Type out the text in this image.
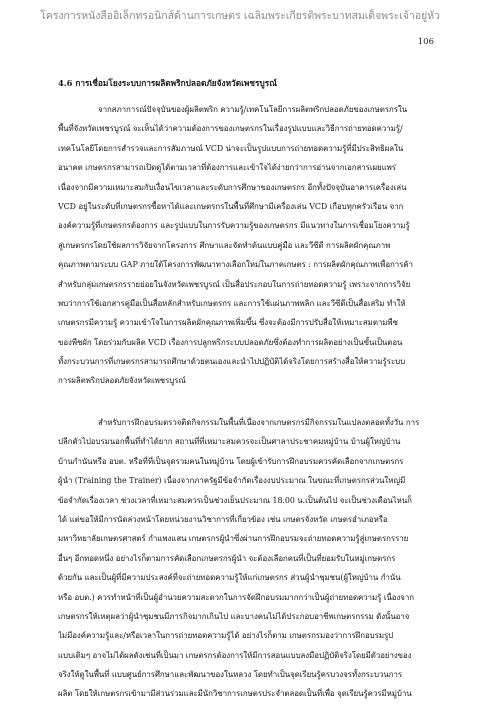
โครงการหนังสืออิเล็กทรอนิกส์ด้านการเกษตร เฉลิมพระเกียรติพระบาทสมเด็จพระเจ้าอยู่หัว
106
4.6 การเชื่อมโยงระบบการผลิตพริกปลอดภัยจังหวัดเพชรบูรณ์
จากสภาการณ์ปัจจุบันของผู้ผลิตพริก ความรู้/เทคโนโลยีการผลิตพริกปลอดภัยของเกษตรกรใน
พื้นที่จังหวัดเพชรบูรณ์ จะเห็นได้ว่าความต้องการของเกษตรกรในเรื่องรูปแบบและวิธีการถ่ายทอดความรู้/
เทคโนโลยีโดยการสำรวจและการสัมภาษณ์ VCD น่าจะเป็นรูปแบบการถ่ายทอดความรู้ที่มีประสิทธิผลใน
อนาคต เกษตรกรสามารถเปิดดูได้ตามเวลาที่ต้องการและเข้าใจได้ง่ายกว่าการอ่านจากเอกสารเผยแพร่
เนื่องจากมีความเหมาะสมกับเงื่อนไขเวลาและระดับการศึกษาของเกษตรกร อีกทั้งปัจจุบันอาคารเครื่องเล่น
VCD อยู่ในระดับที่เกษตรกรซื้อหาได้และเกษตรกรในพื้นที่ศึกษามีเครื่องเล่น VCD เกือบทุกครัวเรือน จาก
องค์ความรู้ที่เกษตรกรต้องการ และรูปแบบในการรับความรู้ของเกษตรกร มีแนวทางในการเชื่อมโยงความรู้
สู่เกษตรกรโดยใช้ผลการวิจัยจากโครงการ ศึกษาและจัดทำต้นแบบคู่มือ และวีซีดี การผลิตผักคุณภาพ
คุณภาพตามระบบ GAP ภายใต้โครงการพัฒนาทางเลือกใหม่ในภาคเกษตร : การผลิตผักคุณภาพเพื่อการค้า
สำหรับกลุ่มเกษตรกรรายย่อยในจังหวัดเพชรบูรณ์ เป็นสื่อประกอบในการถ่ายทอดความรู้ เพราะจากการวิจัย
พบว่าการใช้เอกสารคู่มือเป็นสื่อหลักสำหรับเกษตรกร และการใช้แผ่นภาพพลิก และวีซีดีเป็นสื่อเสริม ทำให้
เกษตรกรมีความรู้ ความเข้าใจในการผลิตผักคุณภาพเพิ่มขึ้น ซึ่งจะต้องมีการปรับสื่อให้เหมาะสมตามพืช
ของพืชผัก โดยร่วมกับผลิต VCD เรื่องการปลูกพริกระบบปลอดภัยซึ่งต้องทำการผลิตอย่างเป็นขั้นเป็นตอน
ทั้งกระบวนการที่เกษตรกรสามารถศึกษาด้วยตนเองและนำไปปฏิบัติได้จริงโดยการสร้างสื่อให้ความรู้ระบบ
การผลิตพริกปลอดภัยจังหวัดเพชรบูรณ์
สำหรับการฝึกอบรมตรวจติดกิจกรรมในพื้นที่เนื่องจากเกษตรกรมีกิจกรรมในแปลงตลอดทั้งวัน การ
ปลีกตัวไปอบรมนอกพื้นที่ทำได้ยาก สถานที่ที่เหมาะสมควรจะเป็นศาลาประชาคมหมู่บ้าน บ้านผู้ใหญ่บ้าน
บ้านกำนันหรือ อบต. หรือที่ที่เป็นจุดรวมคนในหมู่บ้าน โดยผู้เข้ารับการฝึกอบรมควรคัดเลือกจากเกษตรกร
ผู้นำ (Training the Trainer) เนื่องจากภาครัฐมีข้อจำกัดเรื่องงบประมาณ ในขณะที่เกษตรกรส่วนใหญ่มี
ข้อจำกัดเรื่องเวลา ช่วงเวลาที่เหมาะสมควรเป็นช่วงเย็นประมาณ 18.00 น.เป็นต้นไป จะเป็นช่วงเดือนไหนก็
ได้ แต่ขอให้มีการนัดล่วงหน้าโดยหน่วยงานวิชาการที่เกี่ยวข้อง เช่น เกษตรจังหวัด เกษตรอำเภอหรือ
มหาวิทยาลัยเกษตรศาสตร์ กำแพงแสน เกษตรกรผู้นำซึ่งผ่านการฝึกอบรมจะถ่ายทอดความรู้สู่เกษตรกรราย
อื่นๆ อีกทอดหนึ่ง อย่างไรก็ตามการคัดเลือกเกษตรกรผู้นำ จะต้องเลือกคนที่เป็นที่ยอมรับในหมู่เกษตรกร
ด้วยกัน และเป็นผู้ที่มีความประสงค์ที่จะถ่ายทอดความรู้ให้แก่เกษตรกร ส่วนผู้นำชุมชน(ผู้ใหญ่บ้าน กำนัน
หรือ อบต.) ควรทำหน้าที่เป็นผู้อำนวยความสะดวกในการจัดฝึกอบรมมากกว่าเป็นผู้ถ่ายทอดความรู้ เนื่องจาก
เกษตรกรให้เหตุผลว่าผู้นำชุมชนมีภารกิจมากเกินไป และบางคนไม่ได้ประกอบอาชีพเกษตรกรรม ดังนั้นอาจ
ไม่มีองค์ความรู้และ/หรือเวลาในการถ่ายทอดความรู้ได้ อย่างไรก็ตาม เกษตรกรมองว่าการฝึกอบรมรูป
แบบเดิมๆ อาจไม่ได้ผลดังเช่นที่เป็นมา เกษตรกรต้องการให้มีการสอนแบบลงมือปฏิบัติจริงโดยมีตัวอย่างของ
จริงให้ดูในพื้นที่ แบบศูนย์การศึกษาและพัฒนาของในหลวง โดยทำเป็นจุดเรียนรู้ครบวงจรทั้งกระบวนการ
ผลิต โดยให้เกษตรกรเข้ามามีส่วนร่วมและมีนักวิชาการเกษตรประจำตลอดเป็นที่เพื่อ จุดเรียนรู้ควรมีหมู่บ้าน
